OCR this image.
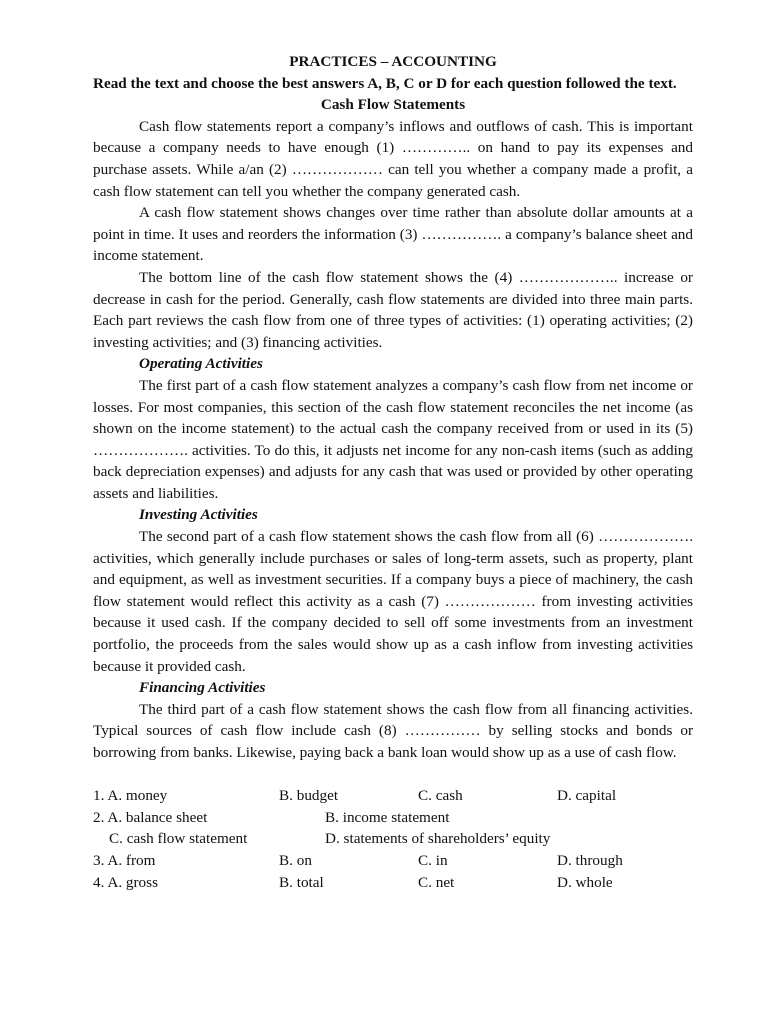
PRACTICES – ACCOUNTING

Read the text and choose the best answers A, B, C or D for each question followed the text.

Cash Flow Statements

Cash flow statements report a company’s inflows and outflows of cash. This is important because a company needs to have enough (1) ………….. on hand to pay its expenses and purchase assets. While a/an (2) ……………… can tell you whether a company made a profit, a cash flow statement can tell you whether the company generated cash.

A cash flow statement shows changes over time rather than absolute dollar amounts at a point in time. It uses and reorders the information (3) ……………. a company’s balance sheet and income statement.

The bottom line of the cash flow statement shows the (4) ……………….. increase or decrease in cash for the period. Generally, cash flow statements are divided into three main parts. Each part reviews the cash flow from one of three types of activities: (1) operating activities; (2) investing activities; and (3) financing activities.

Operating Activities

The first part of a cash flow statement analyzes a company’s cash flow from net income or losses. For most companies, this section of the cash flow statement reconciles the net income (as shown on the income statement) to the actual cash the company received from or used in its (5) ………………. activities. To do this, it adjusts net income for any non-cash items (such as adding back depreciation expenses) and adjusts for any cash that was used or provided by other operating assets and liabilities.

Investing Activities

The second part of a cash flow statement shows the cash flow from all (6) ………………. activities, which generally include purchases or sales of long-term assets, such as property, plant and equipment, as well as investment securities. If a company buys a piece of machinery, the cash flow statement would reflect this activity as a cash (7) ……………… from investing activities because it used cash. If the company decided to sell off some investments from an investment portfolio, the proceeds from the sales would show up as a cash inflow from investing activities because it provided cash.

Financing Activities

The third part of a cash flow statement shows the cash flow from all financing activities. Typical sources of cash flow include cash (8) …………… by selling stocks and bonds or borrowing from banks. Likewise, paying back a bank loan would show up as a use of cash flow.

1. A. money	B. budget	C. cash	D. capital
2. A. balance sheet	B. income statement
C. cash flow statement	D. statements of shareholders’ equity
3. A. from	B. on	C. in	D. through
4. A. gross	B. total	C. net	D. whole
